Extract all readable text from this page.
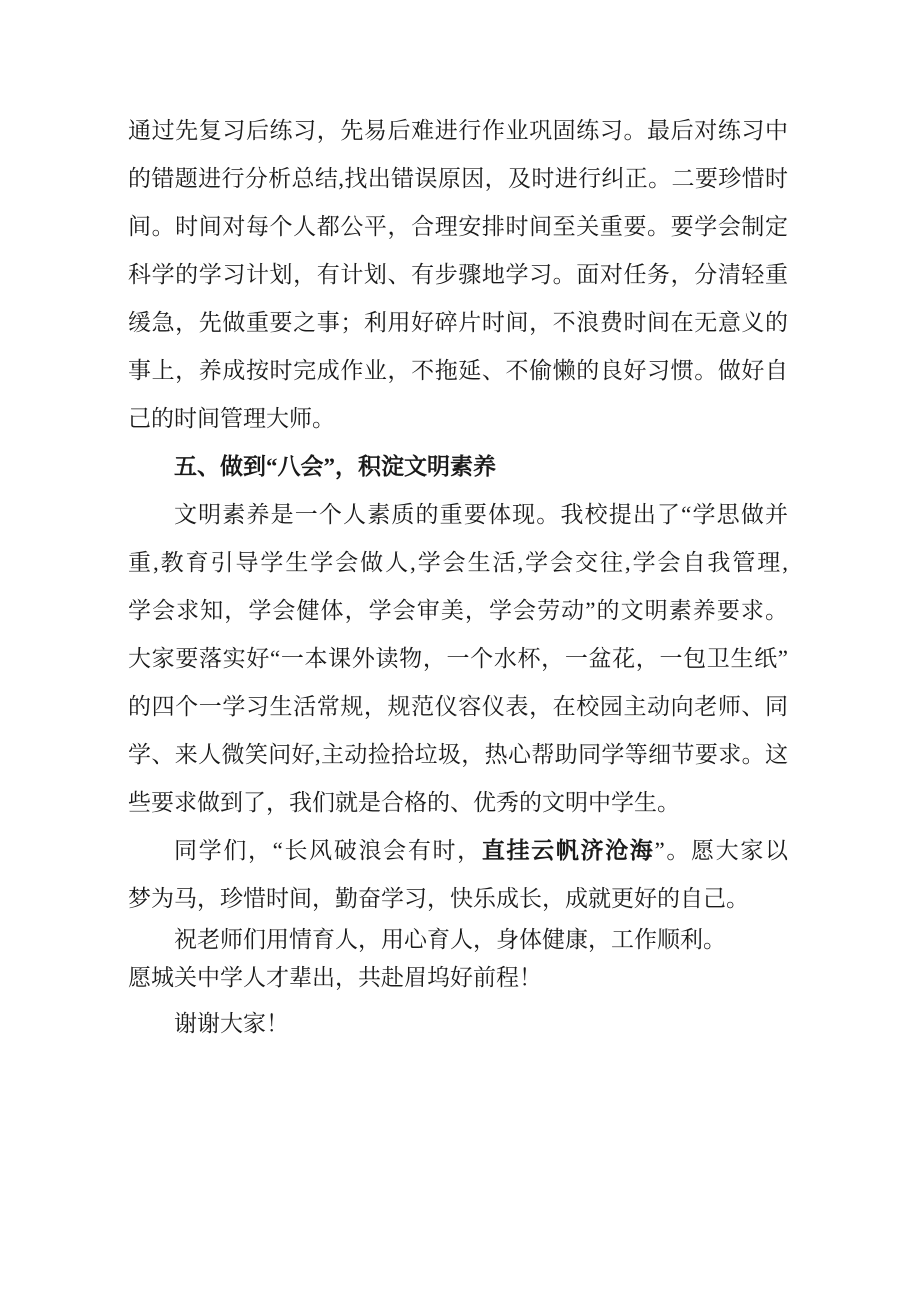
通过先复习后练习，先易后难进行作业巩固练习。最后对练习中
的错题进行分析总结,找出错误原因，及时进行纠正。二要珍惜时
间。时间对每个人都公平，合理安排时间至关重要。要学会制定
科学的学习计划，有计划、有步骤地学习。面对任务，分清轻重
缓急，先做重要之事；利用好碎片时间，不浪费时间在无意义的
事上，养成按时完成作业，不拖延、不偷懒的良好习惯。做好自
己的时间管理大师。
五、做到“八会”，积淀文明素养
文明素养是一个人素质的重要体现。我校提出了“学思做并
重,教育引导学生学会做人,学会生活,学会交往,学会自我管理,
学会求知，学会健体，学会审美，学会劳动”的文明素养要求。
大家要落实好“一本课外读物，一个水杯，一盆花，一包卫生纸”
的四个一学习生活常规，规范仪容仪表，在校园主动向老师、同
学、来人微笑问好,主动捡拾垃圾，热心帮助同学等细节要求。这
些要求做到了，我们就是合格的、优秀的文明中学生。
同学们，“长风破浪会有时，直挂云帆济沧海”。愿大家以
梦为马，珍惜时间，勤奋学习，快乐成长，成就更好的自己。
祝老师们用情育人，用心育人，身体健康，工作顺利。
愿城关中学人才辈出，共赴眉坞好前程！
谢谢大家！
